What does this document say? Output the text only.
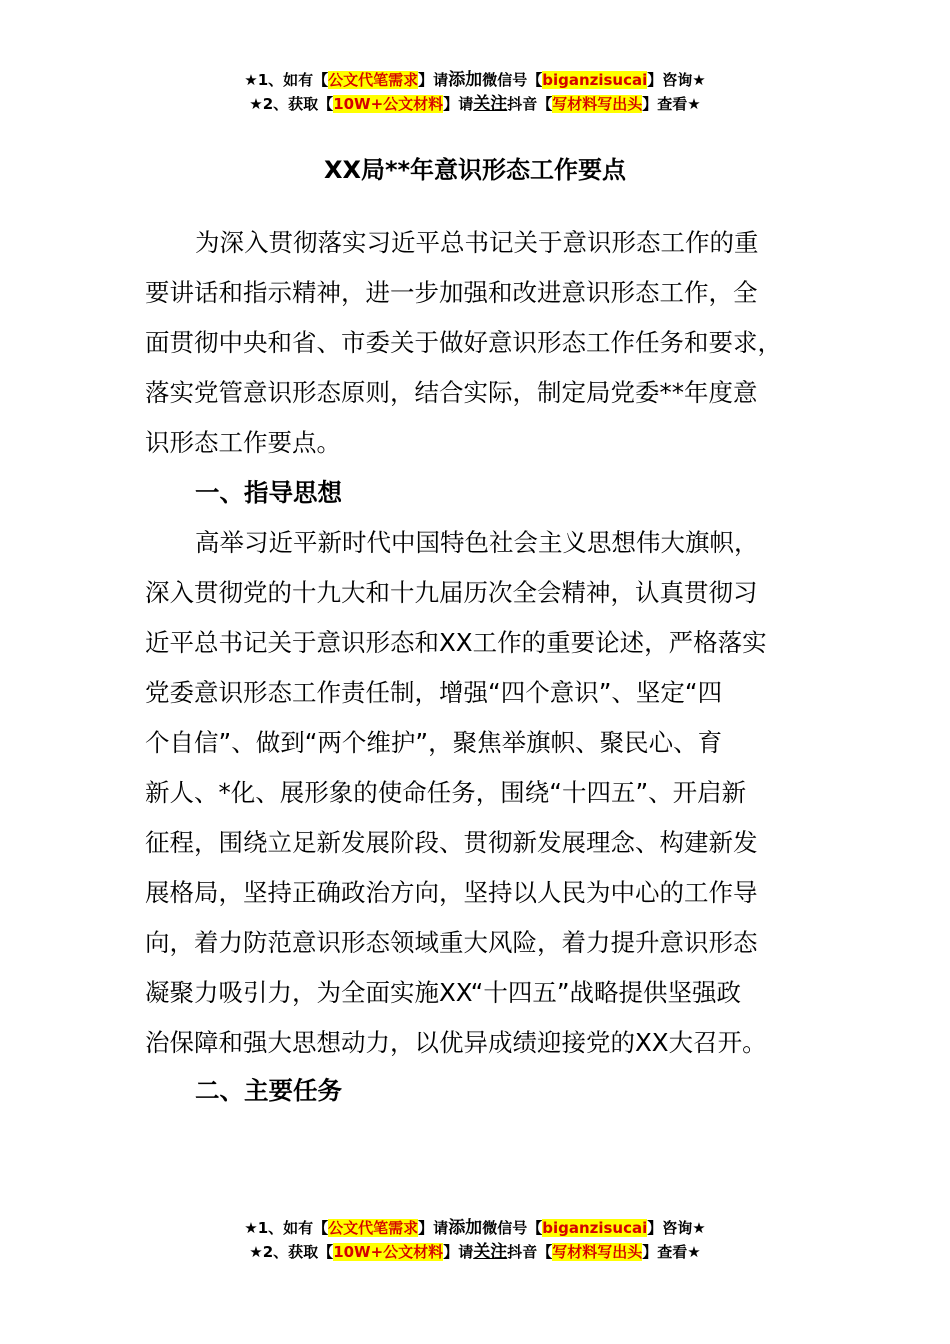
★1、如有【公文代笔需求】请添加微信号【biganzisucai】咨询★
★2、获取【10W+公文材料】请关注抖音【写材料写出头】查看★
XX局**年意识形态工作要点
为深入贯彻落实习近平总书记关于意识形态工作的重
要讲话和指示精神，进一步加强和改进意识形态工作，全
面贯彻中央和省、市委关于做好意识形态工作任务和要求，
落实党管意识形态原则，结合实际，制定局党委**年度意
识形态工作要点。
一、指导思想
高举习近平新时代中国特色社会主义思想伟大旗帜，
深入贯彻党的十九大和十九届历次全会精神，认真贯彻习
近平总书记关于意识形态和XX工作的重要论述，严格落实
党委意识形态工作责任制，增强“四个意识”、坚定“四
个自信”、做到“两个维护”，聚焦举旗帜、聚民心、育
新人、*化、展形象的使命任务，围绕“十四五”、开启新
征程，围绕立足新发展阶段、贯彻新发展理念、构建新发
展格局，坚持正确政治方向，坚持以人民为中心的工作导
向，着力防范意识形态领域重大风险，着力提升意识形态
凝聚力吸引力，为全面实施XX“十四五”战略提供坚强政
治保障和强大思想动力，以优异成绩迎接党的XX大召开。
二、主要任务
★1、如有【公文代笔需求】请添加微信号【biganzisucai】咨询★
★2、获取【10W+公文材料】请关注抖音【写材料写出头】查看★
